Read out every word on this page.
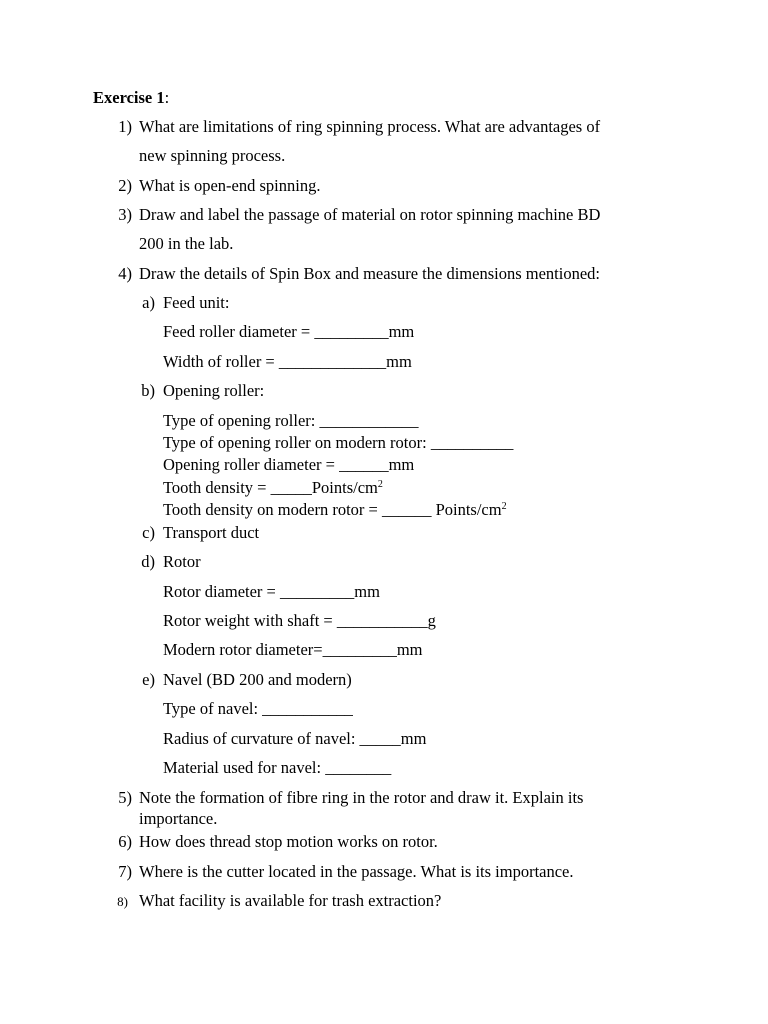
Exercise 1:
1) What are limitations of ring spinning process. What are advantages of
new spinning process.
2) What is open-end spinning.
3) Draw and label the passage of material on rotor spinning machine BD
200 in the lab.
4) Draw the details of Spin Box and measure the dimensions mentioned:
a) Feed unit:
Feed roller diameter = _________mm
Width of roller = _____________mm
b) Opening roller:
Type of opening roller: ____________
Type of opening roller on modern rotor: __________
Opening roller diameter = ______mm
Tooth density = $\_\_\_\_\_Points/cm^2$
Tooth density on modern rotor = ______ Points/$cm^2$
c) Transport duct
d) Rotor
Rotor diameter = _________mm
Rotor weight with shaft = ___________g
Modern rotor diameter=_________mm
e) Navel (BD 200 and modern)
Type of navel: ___________
Radius of curvature of navel: _____mm
Material used for navel: ________
5) Note the formation of fibre ring in the rotor and draw it. Explain its
importance.
6) How does thread stop motion works on rotor.
7) Where is the cutter located in the passage. What is its importance.
8) What facility is available for trash extraction?
